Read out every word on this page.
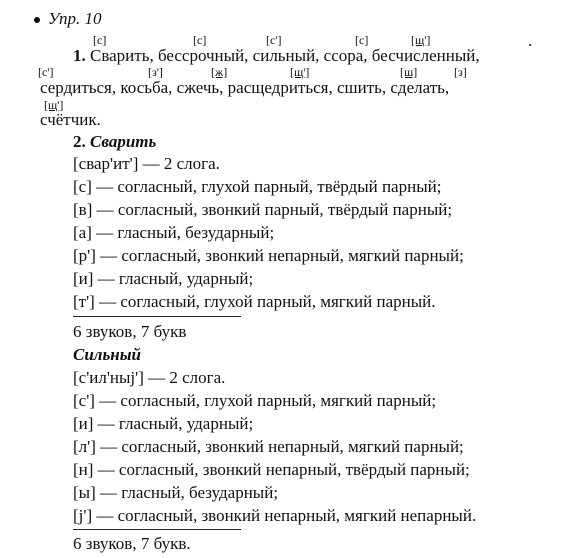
Упр. 10
[с]	[с]	[с']	[с]	[щ']	.
1. Сварить, бессрочный, сильный, ссора, бесчисленный,
[с']	[з']	[ж]	[щ']	[ш]	[з]
сердиться, косьба, сжечь, расщедриться, сшить, сделать,
[щ']
счётчик.
2. Сварить
[свар'ит'] — 2 слога.
[с] — согласный, глухой парный, твёрдый парный;
[в] — согласный, звонкий парный, твёрдый парный;
[а] — гласный, безударный;
[р'] — согласный, звонкий непарный, мягкий парный;
[и] — гласный, ударный;
[т'] — согласный, глухой парный, мягкий парный.
6 звуков, 7 букв
Сильный
[с'ил'ныj'] — 2 слога.
[с'] — согласный, глухой парный, мягкий парный;
[и] — гласный, ударный;
[л'] — согласный, звонкий непарный, мягкий парный;
[н] — согласный, звонкий непарный, твёрдый парный;
[ы] — гласный, безударный;
[j'] — согласный, звонкий непарный, мягкий непарный.
6 звуков, 7 букв.
